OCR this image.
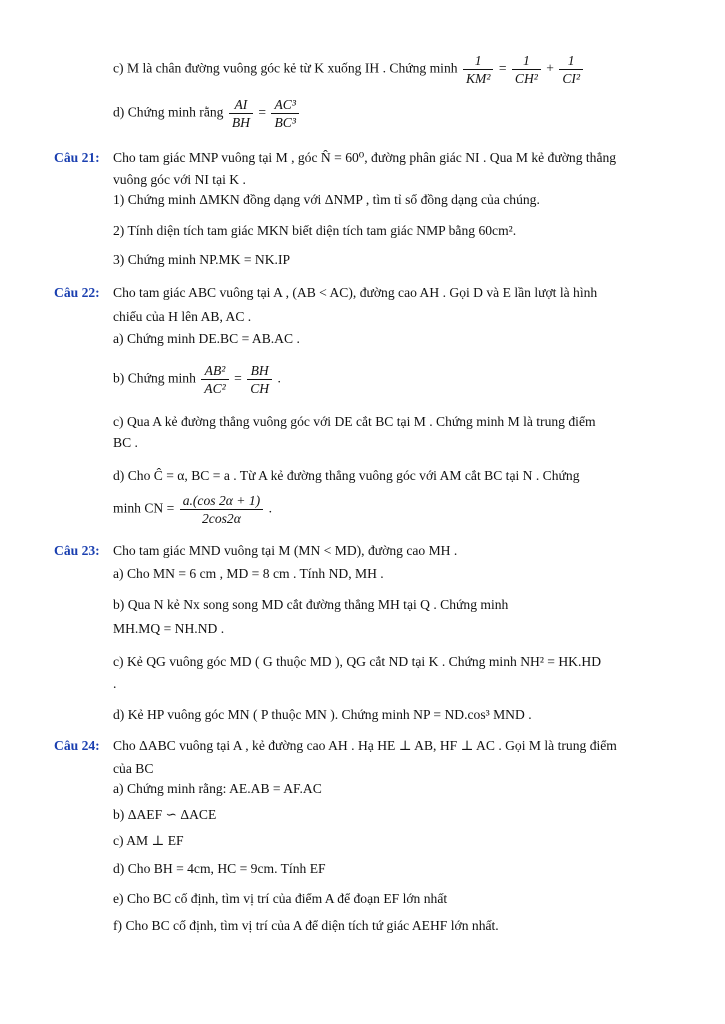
c) M là chân đường vuông góc kẻ từ K xuống IH . Chứng minh $\frac{1}{\text{KM²}} = \frac{1}{\text{CH²}} + \frac{1}{\text{CI²}}$
d) Chứng minh rằng $\frac{AI}{BH} = \frac{\text{AC³}}{\text{BC³}}$
Câu 21: Cho tam giác MNP vuông tại M , góc N̂ = 60⁰, đường phân giác NI . Qua M kẻ đường thẳng
vuông góc với NI tại K .
1) Chứng minh ΔMKN đồng dạng với ΔNMP , tìm tỉ số đồng dạng của chúng.
2) Tính diện tích tam giác MKN biết diện tích tam giác NMP bằng 60cm².
3) Chứng minh NP.MK = NK.IP
Câu 22: Cho tam giác ABC vuông tại A , (AB < AC), đường cao AH . Gọi D và E lần lượt là hình
chiếu của H lên AB, AC .
a) Chứng minh DE.BC = AB.AC .
b) Chứng minh $\frac{\text{AB²}}{\text{AC²}} = \frac{BH}{CH}$ .
c) Qua A kẻ đường thẳng vuông góc với DE cắt BC tại M . Chứng minh M là trung điểm
BC .
d) Cho Ĉ = α, BC = a . Từ A kẻ đường thẳng vuông góc với AM cắt BC tại N . Chứng
minh CN = $\frac{a.(\cos 2\alpha + 1)}{2\cos 2\alpha}$ .
Câu 23: Cho tam giác MND vuông tại M (MN < MD), đường cao MH .
a) Cho MN = 6 cm , MD = 8 cm . Tính ND, MH .
b) Qua N kẻ Nx song song MD cắt đường thẳng MH tại Q . Chứng minh
MH.MQ = NH.ND .
c) Kẻ QG vuông góc MD ( G thuộc MD ), QG cắt ND tại K . Chứng minh NH² = HK.HD
.
d) Kẻ HP vuông góc MN ( P thuộc MN ). Chứng minh NP = ND.cos³ MND .
Câu 24: Cho ΔABC vuông tại A , kẻ đường cao AH . Hạ HE ⊥ AB, HF ⊥ AC . Gọi M là trung điểm
của BC
a) Chứng minh rằng: AE.AB = AF.AC
b) ΔAEF ∽ ΔACE
c) AM ⊥ EF
d) Cho BH = 4cm, HC = 9cm. Tính EF
e) Cho BC cố định, tìm vị trí của điểm A để đoạn EF lớn nhất
f) Cho BC cố định, tìm vị trí của A để diện tích tứ giác AEHF lớn nhất.
